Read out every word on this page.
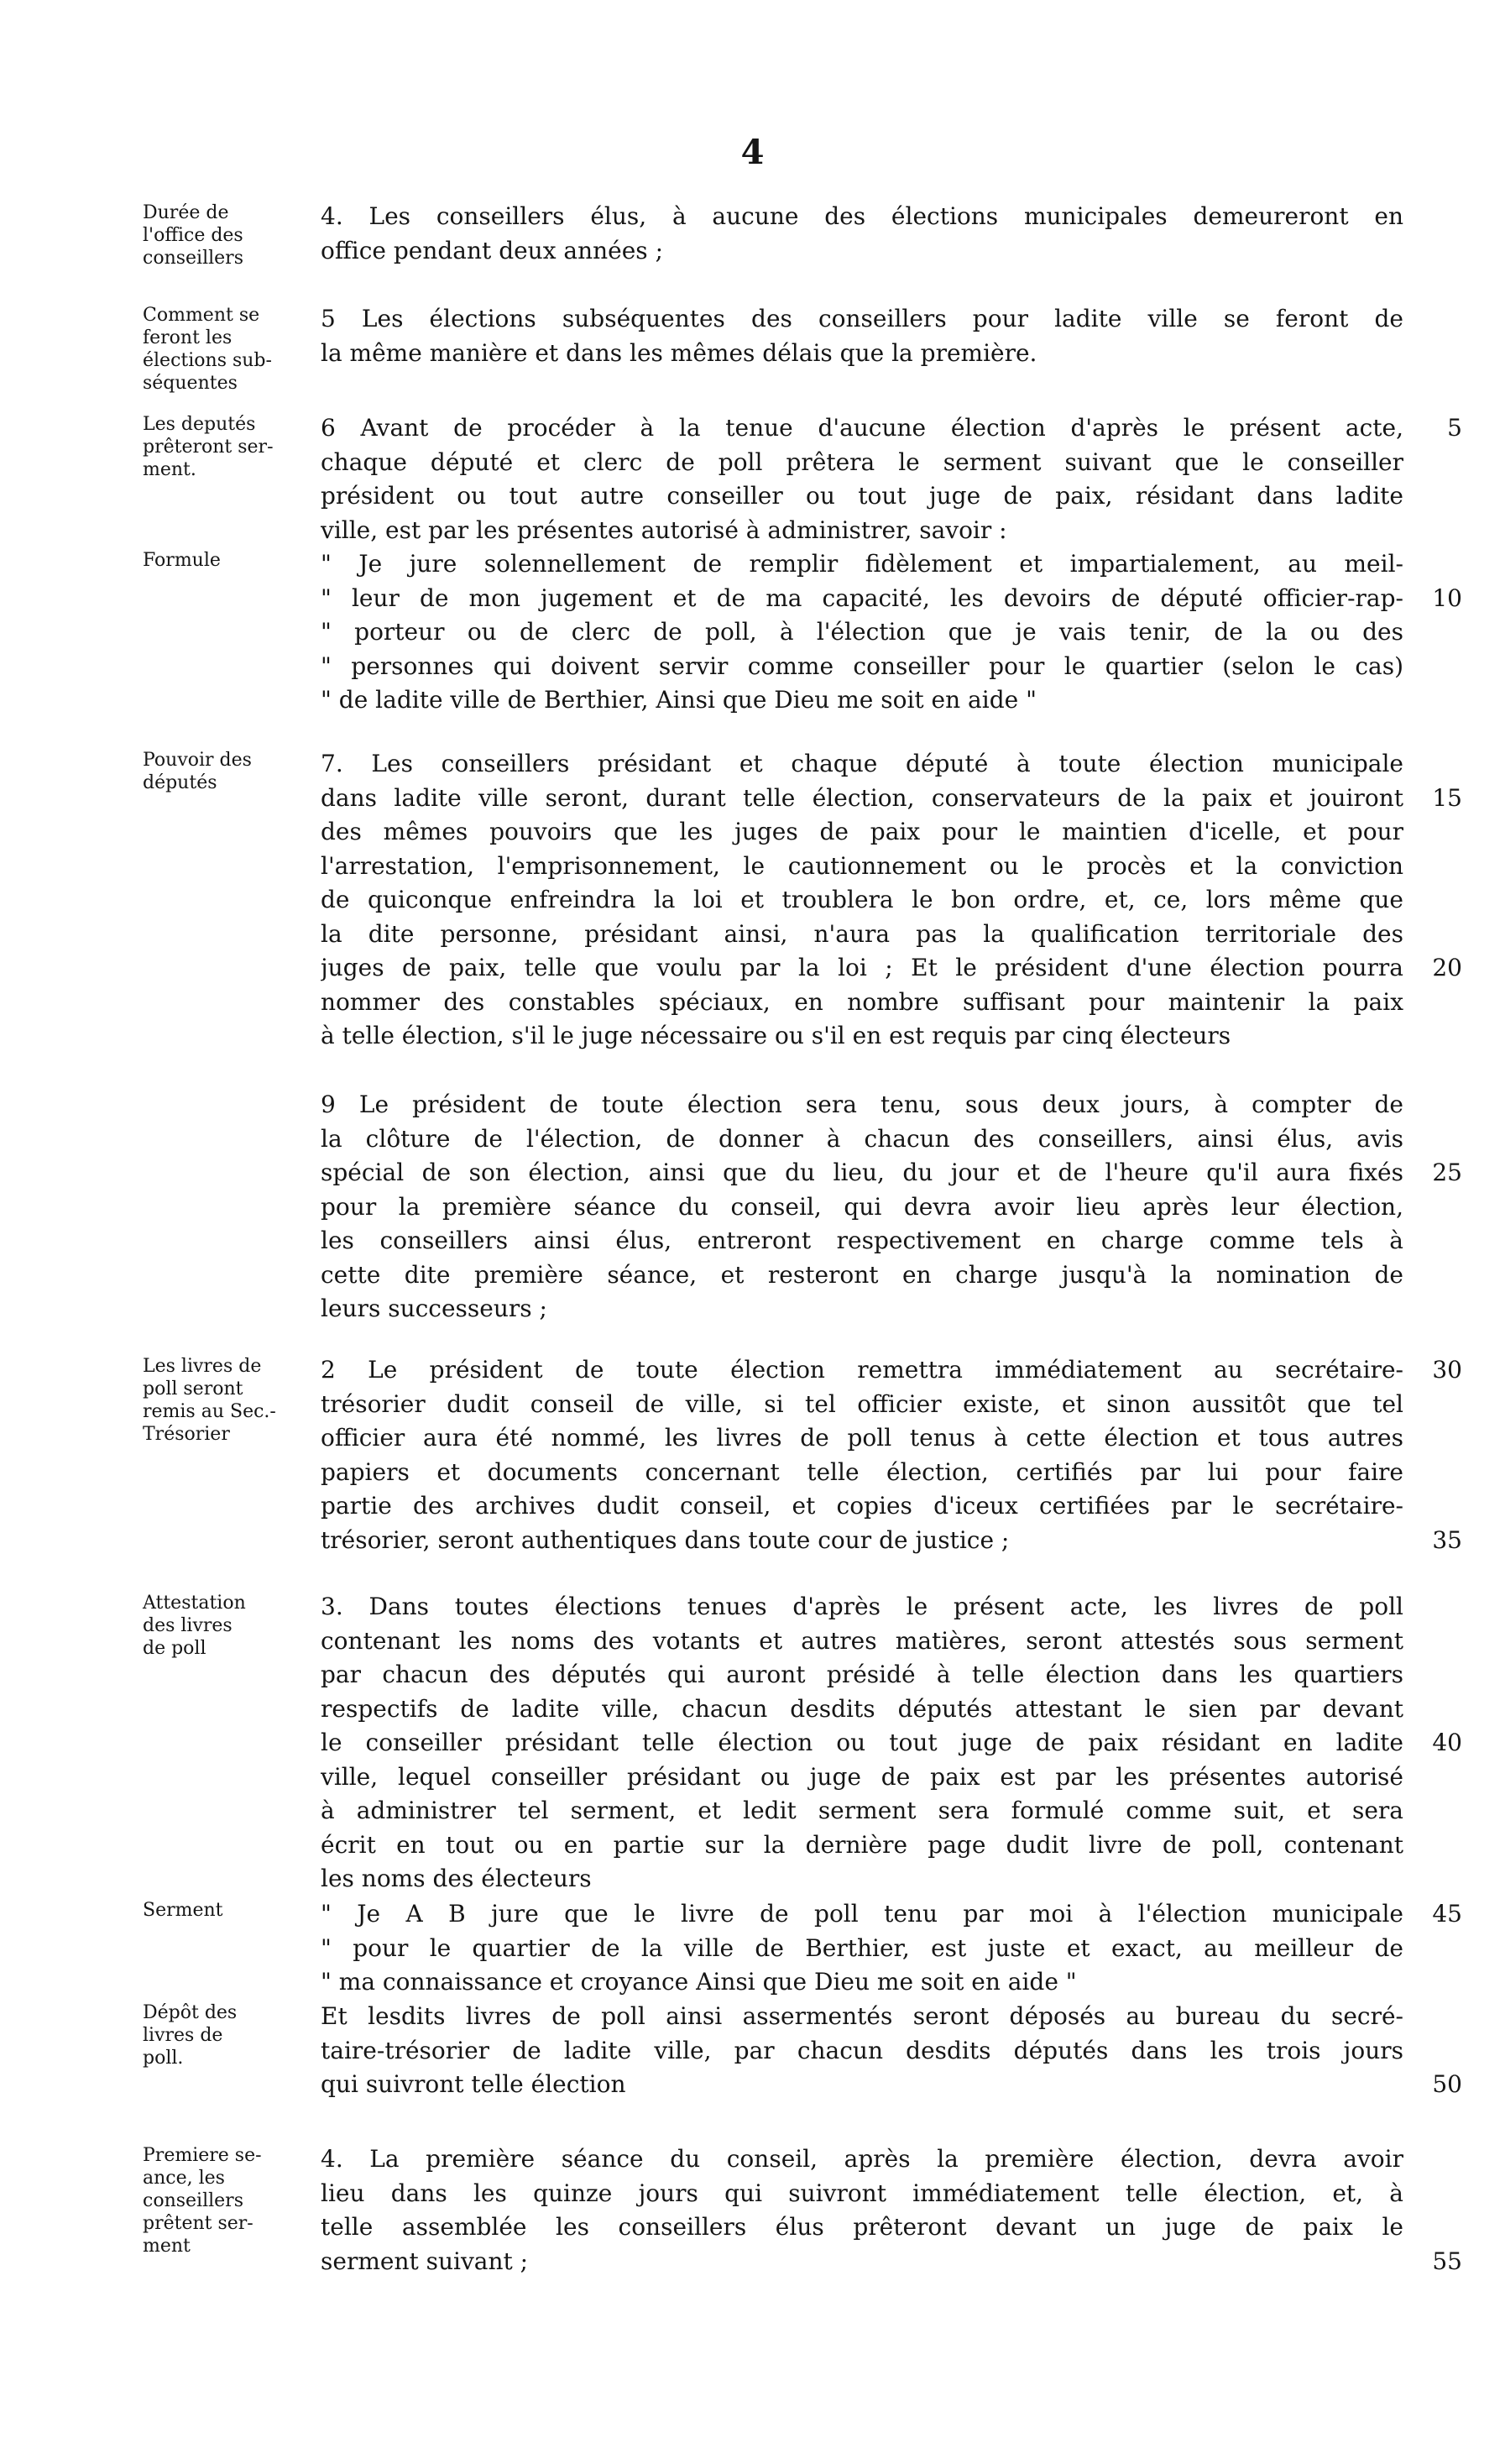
4
Durée de
l'office des
conseillers
4. Les conseillers élus, à aucune des élections municipales demeureront en
office pendant deux années ;
Comment se
feront les
élections sub-
séquentes
5 Les élections subséquentes des conseillers pour ladite ville se feront de
la même manière et dans les mêmes délais que la première.
Les deputés
prêteront ser-
ment.
6 Avant de procéder à la tenue d'aucune élection d'après le présent acte,
chaque député et clerc de poll prêtera le serment suivant que le conseiller
président ou tout autre conseiller ou tout juge de paix, résidant dans ladite
ville, est par les présentes autorisé à administrer, savoir :
5
Formule	" Je jure solennellement de remplir fidèlement et impartialement, au meil-
" leur de mon jugement et de ma capacité, les devoirs de député officier-rap-
" porteur ou de clerc de poll, à l'élection que je vais tenir, de la ou des
" personnes qui doivent servir comme conseiller pour le quartier (selon le cas)
" de ladite ville de Berthier, Ainsi que Dieu me soit en aide "
10
Pouvoir des
députés
7. Les conseillers présidant et chaque député à toute élection municipale
dans ladite ville seront, durant telle élection, conservateurs de la paix et jouiront
des mêmes pouvoirs que les juges de paix pour le maintien d'icelle, et pour
l'arrestation, l'emprisonnement, le cautionnement ou le procès et la conviction
de quiconque enfreindra la loi et troublera le bon ordre, et, ce, lors même que
la dite personne, présidant ainsi, n'aura pas la qualification territoriale des
juges de paix, telle que voulu par la loi ; Et le président d'une élection pourra
nommer des constables spéciaux, en nombre suffisant pour maintenir la paix
à telle élection, s'il le juge nécessaire ou s'il en est requis par cinq électeurs
15
20
9 Le président de toute élection sera tenu, sous deux jours, à compter de
la clôture de l'élection, de donner à chacun des conseillers, ainsi élus, avis
spécial de son élection, ainsi que du lieu, du jour et de l'heure qu'il aura fixés
pour la première séance du conseil, qui devra avoir lieu après leur élection,
les conseillers ainsi élus, entreront respectivement en charge comme tels à
cette dite première séance, et resteront en charge jusqu'à la nomination de
leurs successeurs ;
25
Les livres de
poll seront
remis au Sec.-
Trésorier
2 Le président de toute élection remettra immédiatement au secrétaire-
trésorier dudit conseil de ville, si tel officier existe, et sinon aussitôt que tel
officier aura été nommé, les livres de poll tenus à cette élection et tous autres
papiers et documents concernant telle élection, certifiés par lui pour faire
partie des archives dudit conseil, et copies d'iceux certifiées par le secrétaire-
trésorier, seront authentiques dans toute cour de justice ;
30
35
Attestation
des livres
de poll
3. Dans toutes élections tenues d'après le présent acte, les livres de poll
contenant les noms des votants et autres matières, seront attestés sous serment
par chacun des députés qui auront présidé à telle élection dans les quartiers
respectifs de ladite ville, chacun desdits députés attestant le sien par devant
le conseiller présidant telle élection ou tout juge de paix résidant en ladite
ville, lequel conseiller présidant ou juge de paix est par les présentes autorisé
à administrer tel serment, et ledit serment sera formulé comme suit, et sera
écrit en tout ou en partie sur la dernière page dudit livre de poll, contenant
les noms des électeurs
40
Serment	" Je A B jure que le livre de poll tenu par moi à l'élection municipale
" pour le quartier de la ville de Berthier, est juste et exact, au meilleur de
" ma connaissance et croyance Ainsi que Dieu me soit en aide "
45
Dépôt des
livres de
poll.
Et lesdits livres de poll ainsi assermentés seront déposés au bureau du secré-
taire-trésorier de ladite ville, par chacun desdits députés dans les trois jours
qui suivront telle élection	50
Premiere se-
ance, les
conseillers
prêtent ser-
ment
4. La première séance du conseil, après la première élection, devra avoir
lieu dans les quinze jours qui suivront immédiatement telle élection, et, à
telle assemblée les conseillers élus prêteront devant un juge de paix le
serment suivant ;	55
